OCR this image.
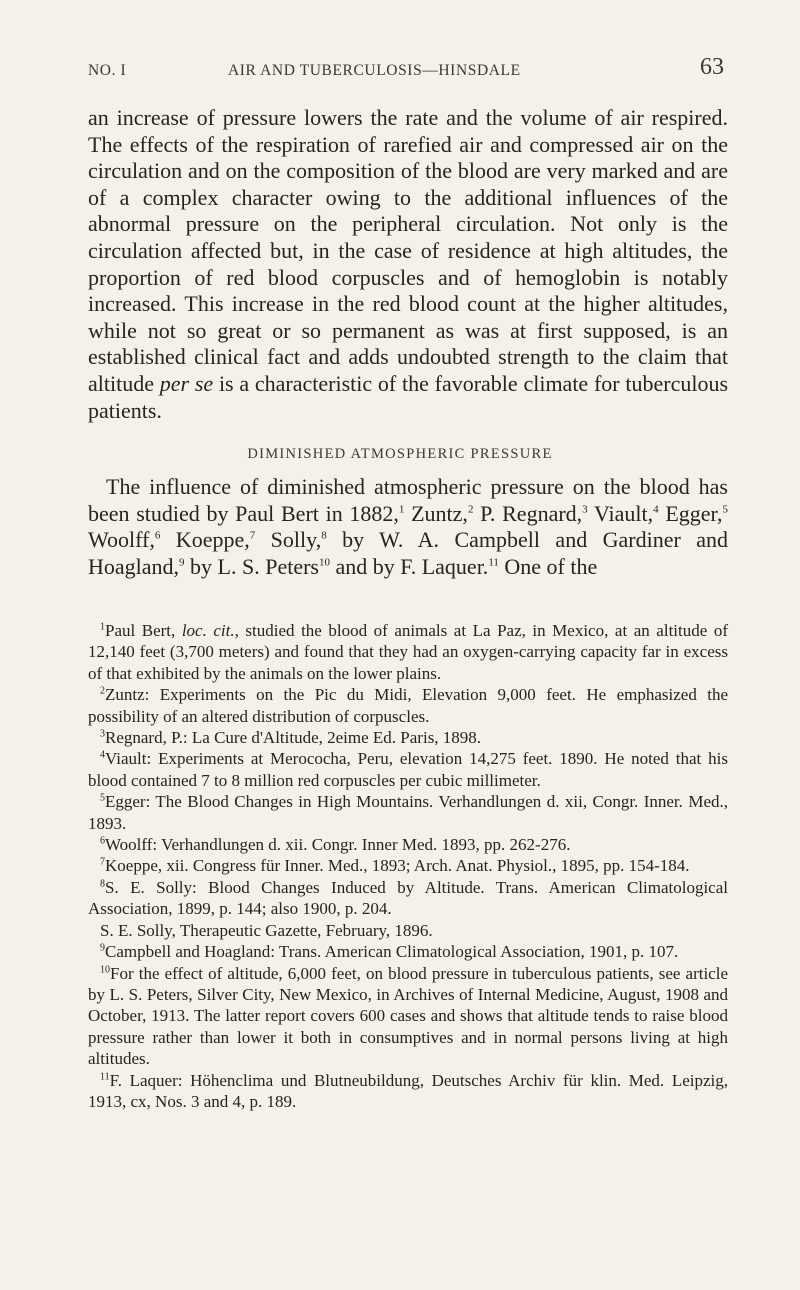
NO. I	AIR AND TUBERCULOSIS—HINSDALE	63

an increase of pressure lowers the rate and the volume of air respired. The effects of the respiration of rarefied air and compressed air on the circulation and on the composition of the blood are very marked and are of a complex character owing to the additional influences of the abnormal pressure on the peripheral circulation. Not only is the circulation affected but, in the case of residence at high altitudes, the proportion of red blood corpuscles and of hemoglobin is notably increased. This increase in the red blood count at the higher altitudes, while not so great or so permanent as was at first supposed, is an established clinical fact and adds undoubted strength to the claim that altitude per se is a characteristic of the favorable climate for tuberculous patients.

DIMINISHED ATMOSPHERIC PRESSURE

The influence of diminished atmospheric pressure on the blood has been studied by Paul Bert in 1882,$^1$ Zuntz,$^2$ P. Regnard,$^3$ Viault,$^4$ Egger,$^5$ Woolff,$^6$ Koeppe,$^7$ Solly,$^8$ by W. A. Campbell and Gardiner and Hoagland,$^9$ by L. S. Peters$^{10}$ and by F. Laquer.$^{11}$ One of the

$^1$Paul Bert, loc. cit., studied the blood of animals at La Paz, in Mexico, at an altitude of 12,140 feet (3,700 meters) and found that they had an oxygen-carrying capacity far in excess of that exhibited by the animals on the lower plains.

$^2$Zuntz: Experiments on the Pic du Midi, Elevation 9,000 feet. He emphasized the possibility of an altered distribution of corpuscles.

$^3$Regnard, P.: La Cure d'Altitude, 2eime Ed. Paris, 1898.

$^4$Viault: Experiments at Merococha, Peru, elevation 14,275 feet. 1890. He noted that his blood contained 7 to 8 million red corpuscles per cubic millimeter.

$^5$Egger: The Blood Changes in High Mountains. Verhandlungen d. xii, Congr. Inner. Med., 1893.

$^6$Woolff: Verhandlungen d. xii. Congr. Inner Med. 1893, pp. 262-276.

$^7$Koeppe, xii. Congress für Inner. Med., 1893; Arch. Anat. Physiol., 1895, pp. 154-184.

$^8$S. E. Solly: Blood Changes Induced by Altitude. Trans. American Climatological Association, 1899, p. 144; also 1900, p. 204.

S. E. Solly, Therapeutic Gazette, February, 1896.

$^9$Campbell and Hoagland: Trans. American Climatological Association, 1901, p. 107.

$^{10}$For the effect of altitude, 6,000 feet, on blood pressure in tuberculous patients, see article by L. S. Peters, Silver City, New Mexico, in Archives of Internal Medicine, August, 1908 and October, 1913. The latter report covers 600 cases and shows that altitude tends to raise blood pressure rather than lower it both in consumptives and in normal persons living at high altitudes.

$^{11}$F. Laquer: Höhenclima und Blutneubildung, Deutsches Archiv für klin. Med. Leipzig, 1913, cx, Nos. 3 and 4, p. 189.
